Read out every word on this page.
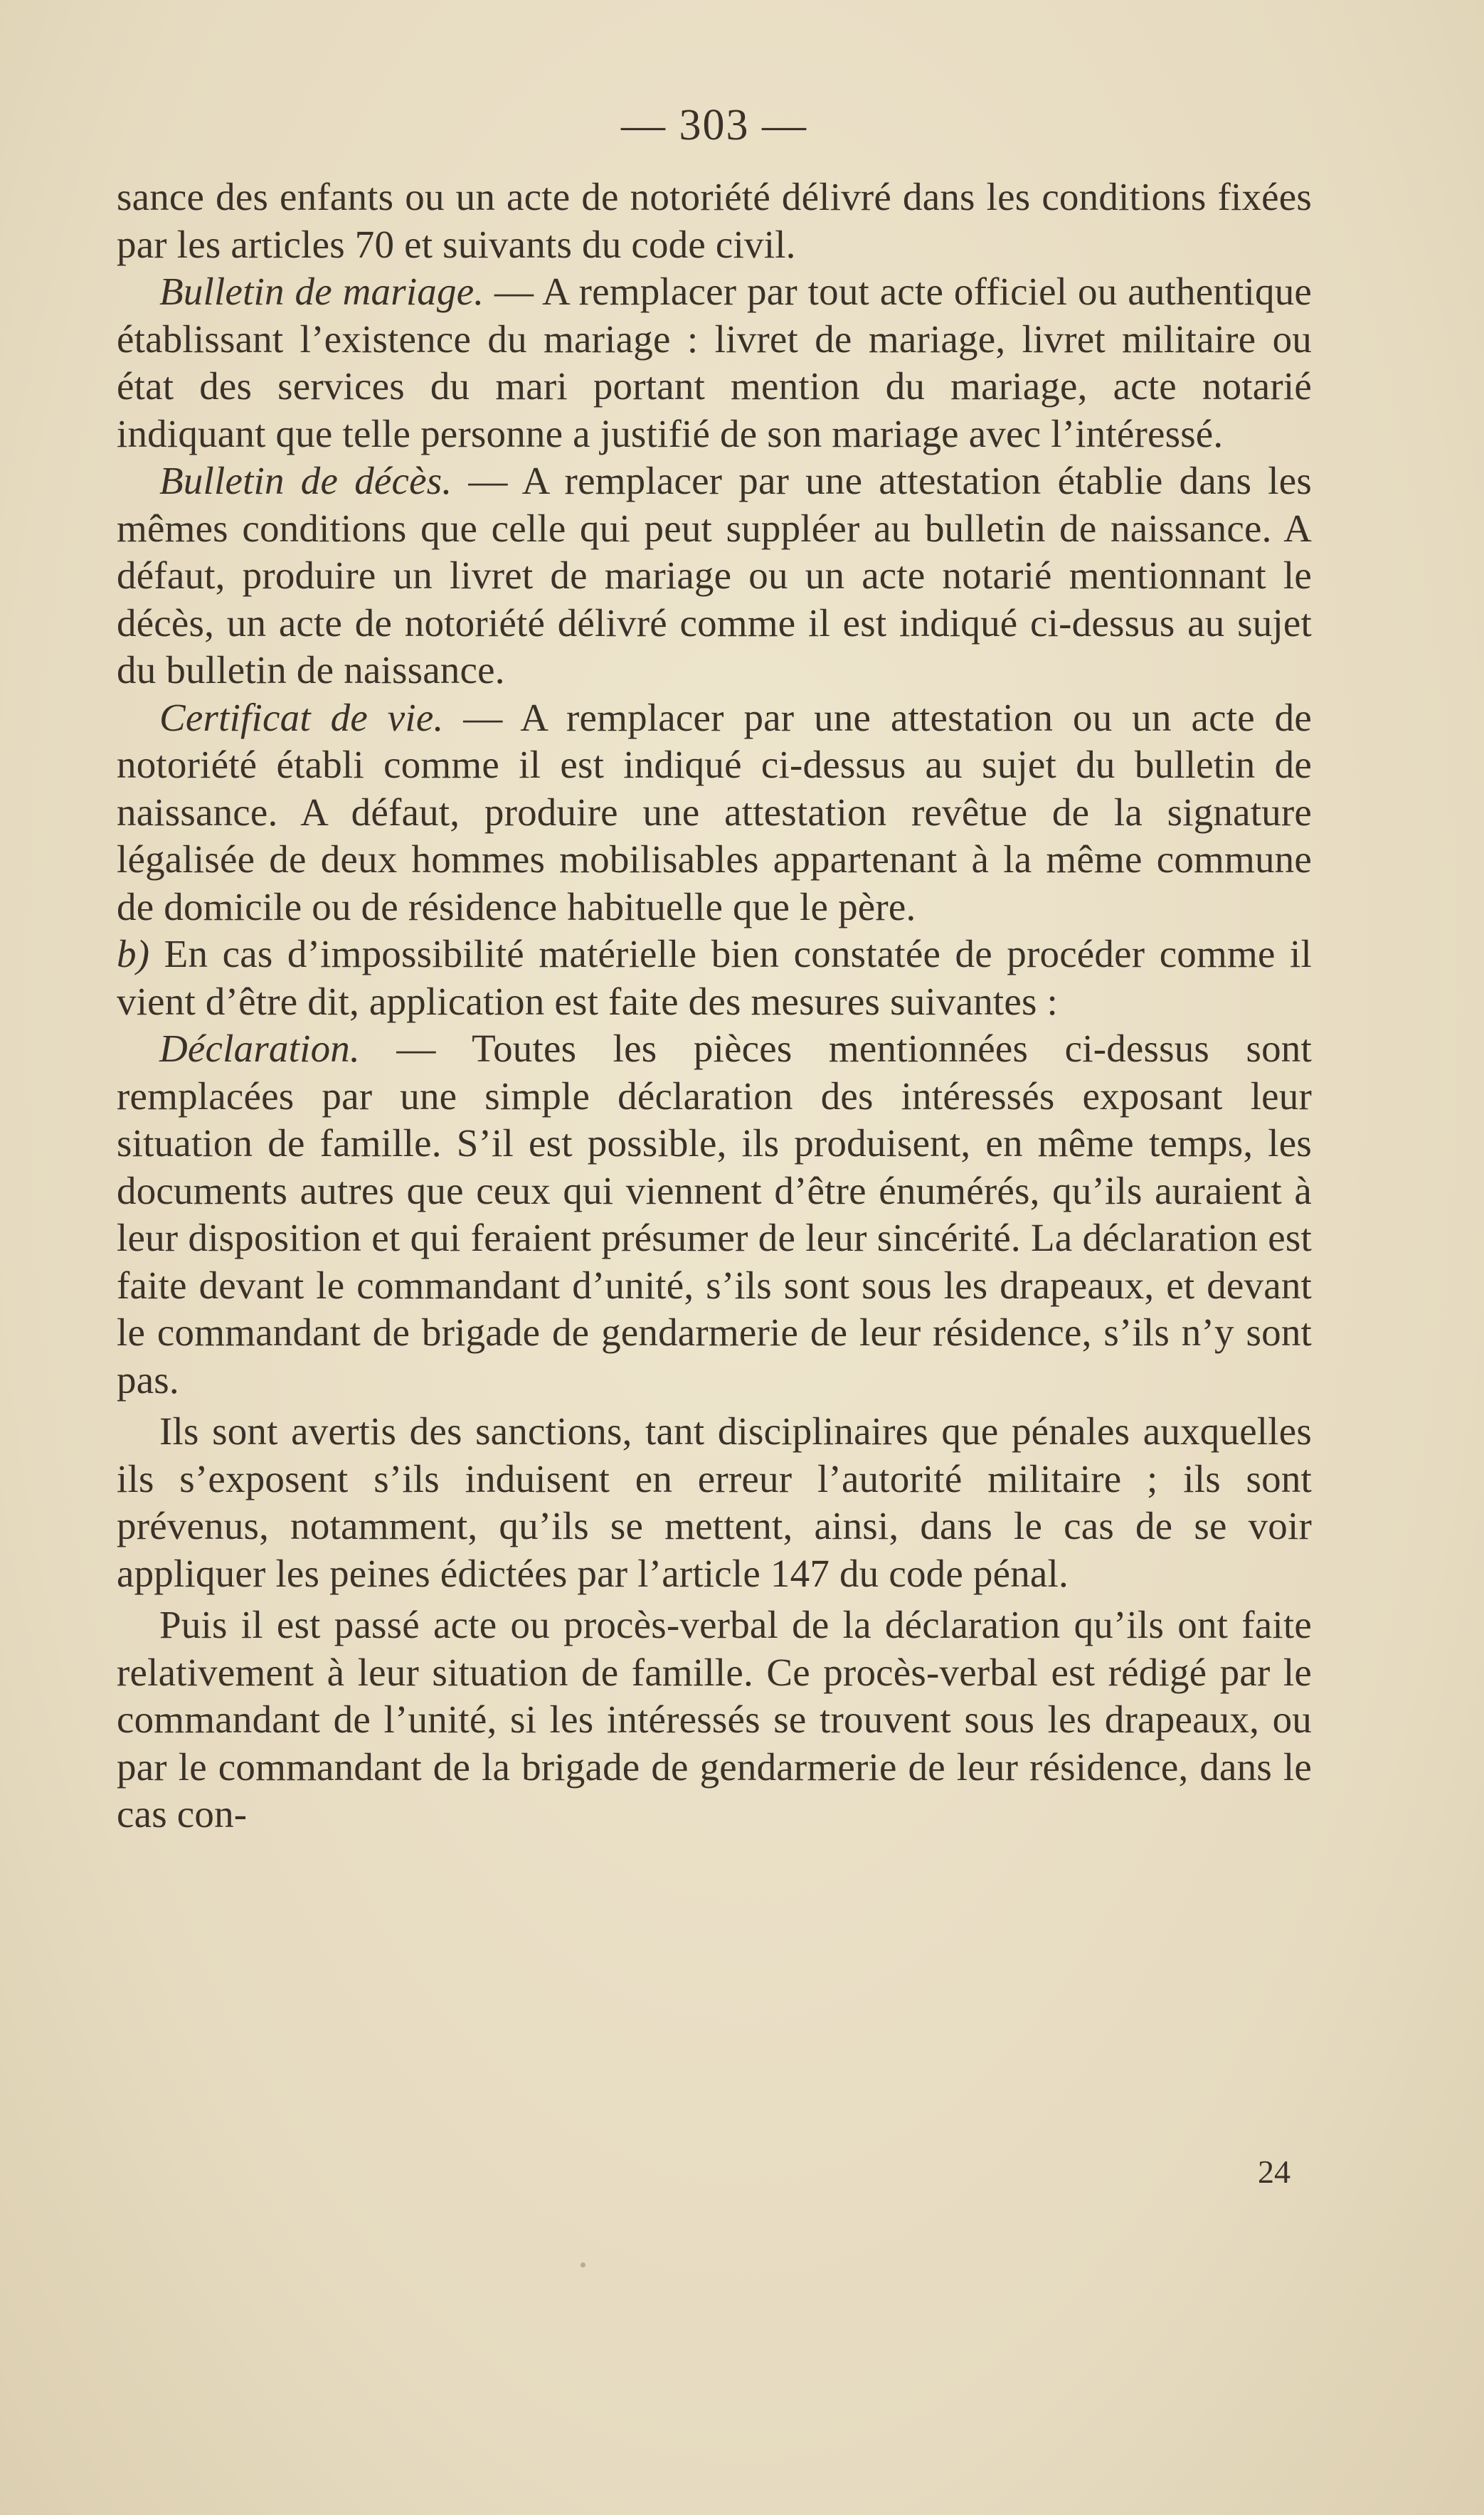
— 303 —

sance des enfants ou un acte de notoriété délivré dans les conditions fixées par les articles 70 et suivants du code civil.

Bulletin de mariage. — A remplacer par tout acte officiel ou authentique établissant l’existence du mariage : livret de mariage, livret militaire ou état des services du mari portant mention du mariage, acte notarié indiquant que telle personne a justifié de son mariage avec l’intéressé.

Bulletin de décès. — A remplacer par une attestation établie dans les mêmes conditions que celle qui peut suppléer au bulletin de naissance. A défaut, produire un livret de mariage ou un acte notarié mentionnant le décès, un acte de notoriété délivré comme il est indiqué ci-dessus au sujet du bulletin de naissance.

Certificat de vie. — A remplacer par une attestation ou un acte de notoriété établi comme il est indiqué ci-dessus au sujet du bulletin de naissance. A défaut, produire une attestation revêtue de la signature légalisée de deux hommes mobilisables appartenant à la même commune de domicile ou de résidence habituelle que le père.

b) En cas d’impossibilité matérielle bien constatée de procéder comme il vient d’être dit, application est faite des mesures suivantes :

Déclaration. — Toutes les pièces mentionnées ci-dessus sont remplacées par une simple déclaration des intéressés exposant leur situation de famille. S’il est possible, ils produisent, en même temps, les documents autres que ceux qui viennent d’être énumérés, qu’ils auraient à leur disposition et qui feraient présumer de leur sincérité. La déclaration est faite devant le commandant d’unité, s’ils sont sous les drapeaux, et devant le commandant de brigade de gendarmerie de leur résidence, s’ils n’y sont pas.

Ils sont avertis des sanctions, tant disciplinaires que pénales auxquelles ils s’exposent s’ils induisent en erreur l’autorité militaire ; ils sont prévenus, notamment, qu’ils se mettent, ainsi, dans le cas de se voir appliquer les peines édictées par l’article 147 du code pénal.

Puis il est passé acte ou procès-verbal de la déclaration qu’ils ont faite relativement à leur situation de famille. Ce procès-verbal est rédigé par le commandant de l’unité, si les intéressés se trouvent sous les drapeaux, ou par le commandant de la brigade de gendarmerie de leur résidence, dans le cas con-

24
